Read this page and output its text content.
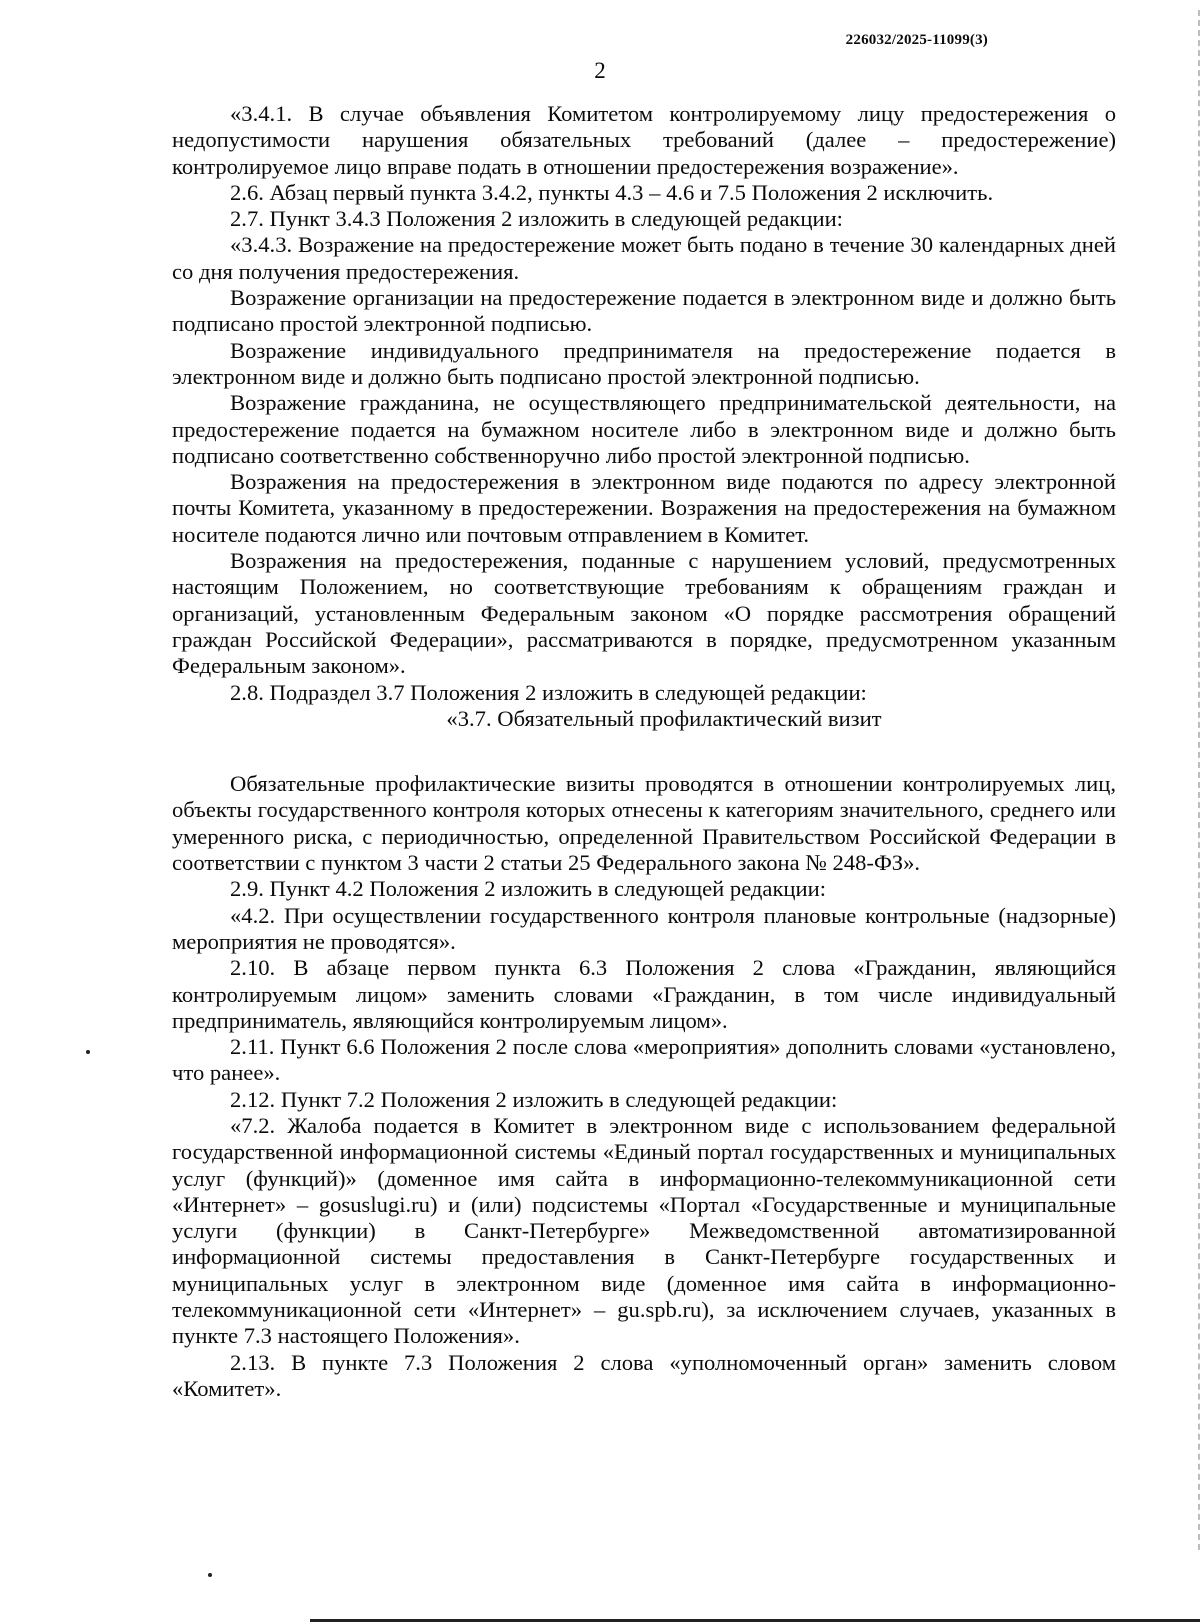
226032/2025-11099(3)
2

«3.4.1. В случае объявления Комитетом контролируемому лицу предостережения о недопустимости нарушения обязательных требований (далее – предостережение) контролируемое лицо вправе подать в отношении предостережения возражение».

2.6. Абзац первый пункта 3.4.2, пункты 4.3 – 4.6 и 7.5 Положения 2 исключить.

2.7. Пункт 3.4.3 Положения 2 изложить в следующей редакции:

«3.4.3. Возражение на предостережение может быть подано в течение 30 календарных дней со дня получения предостережения.

Возражение организации на предостережение подается в электронном виде и должно быть подписано простой электронной подписью.

Возражение индивидуального предпринимателя на предостережение подается в электронном виде и должно быть подписано простой электронной подписью.

Возражение гражданина, не осуществляющего предпринимательской деятельности, на предостережение подается на бумажном носителе либо в электронном виде и должно быть подписано соответственно собственноручно либо простой электронной подписью.

Возражения на предостережения в электронном виде подаются по адресу электронной почты Комитета, указанному в предостережении. Возражения на предостережения на бумажном носителе подаются лично или почтовым отправлением в Комитет.

Возражения на предостережения, поданные с нарушением условий, предусмотренных настоящим Положением, но соответствующие требованиям к обращениям граждан и организаций, установленным Федеральным законом «О порядке рассмотрения обращений граждан Российской Федерации», рассматриваются в порядке, предусмотренном указанным Федеральным законом».

2.8. Подраздел 3.7 Положения 2 изложить в следующей редакции:

«3.7. Обязательный профилактический визит

Обязательные профилактические визиты проводятся в отношении контролируемых лиц, объекты государственного контроля которых отнесены к категориям значительного, среднего или умеренного риска, с периодичностью, определенной Правительством Российской Федерации в соответствии с пунктом 3 части 2 статьи 25 Федерального закона № 248-ФЗ».

2.9. Пункт 4.2 Положения 2 изложить в следующей редакции:

«4.2. При осуществлении государственного контроля плановые контрольные (надзорные) мероприятия не проводятся».

2.10. В абзаце первом пункта 6.3 Положения 2 слова «Гражданин, являющийся контролируемым лицом» заменить словами «Гражданин, в том числе индивидуальный предприниматель, являющийся контролируемым лицом».

2.11. Пункт 6.6 Положения 2 после слова «мероприятия» дополнить словами «установлено, что ранее».

2.12. Пункт 7.2 Положения 2 изложить в следующей редакции:

«7.2. Жалоба подается в Комитет в электронном виде с использованием федеральной государственной информационной системы «Единый портал государственных и муниципальных услуг (функций)» (доменное имя сайта в информационно-телекоммуникационной сети «Интернет» – gosuslugi.ru) и (или) подсистемы «Портал «Государственные и муниципальные услуги (функции) в Санкт-Петербурге» Межведомственной автоматизированной информационной системы предоставления в Санкт-Петербурге государственных и муниципальных услуг в электронном виде (доменное имя сайта в информационно-телекоммуникационной сети «Интернет» – gu.spb.ru), за исключением случаев, указанных в пункте 7.3 настоящего Положения».

2.13. В пункте 7.3 Положения 2 слова «уполномоченный орган» заменить словом «Комитет».
